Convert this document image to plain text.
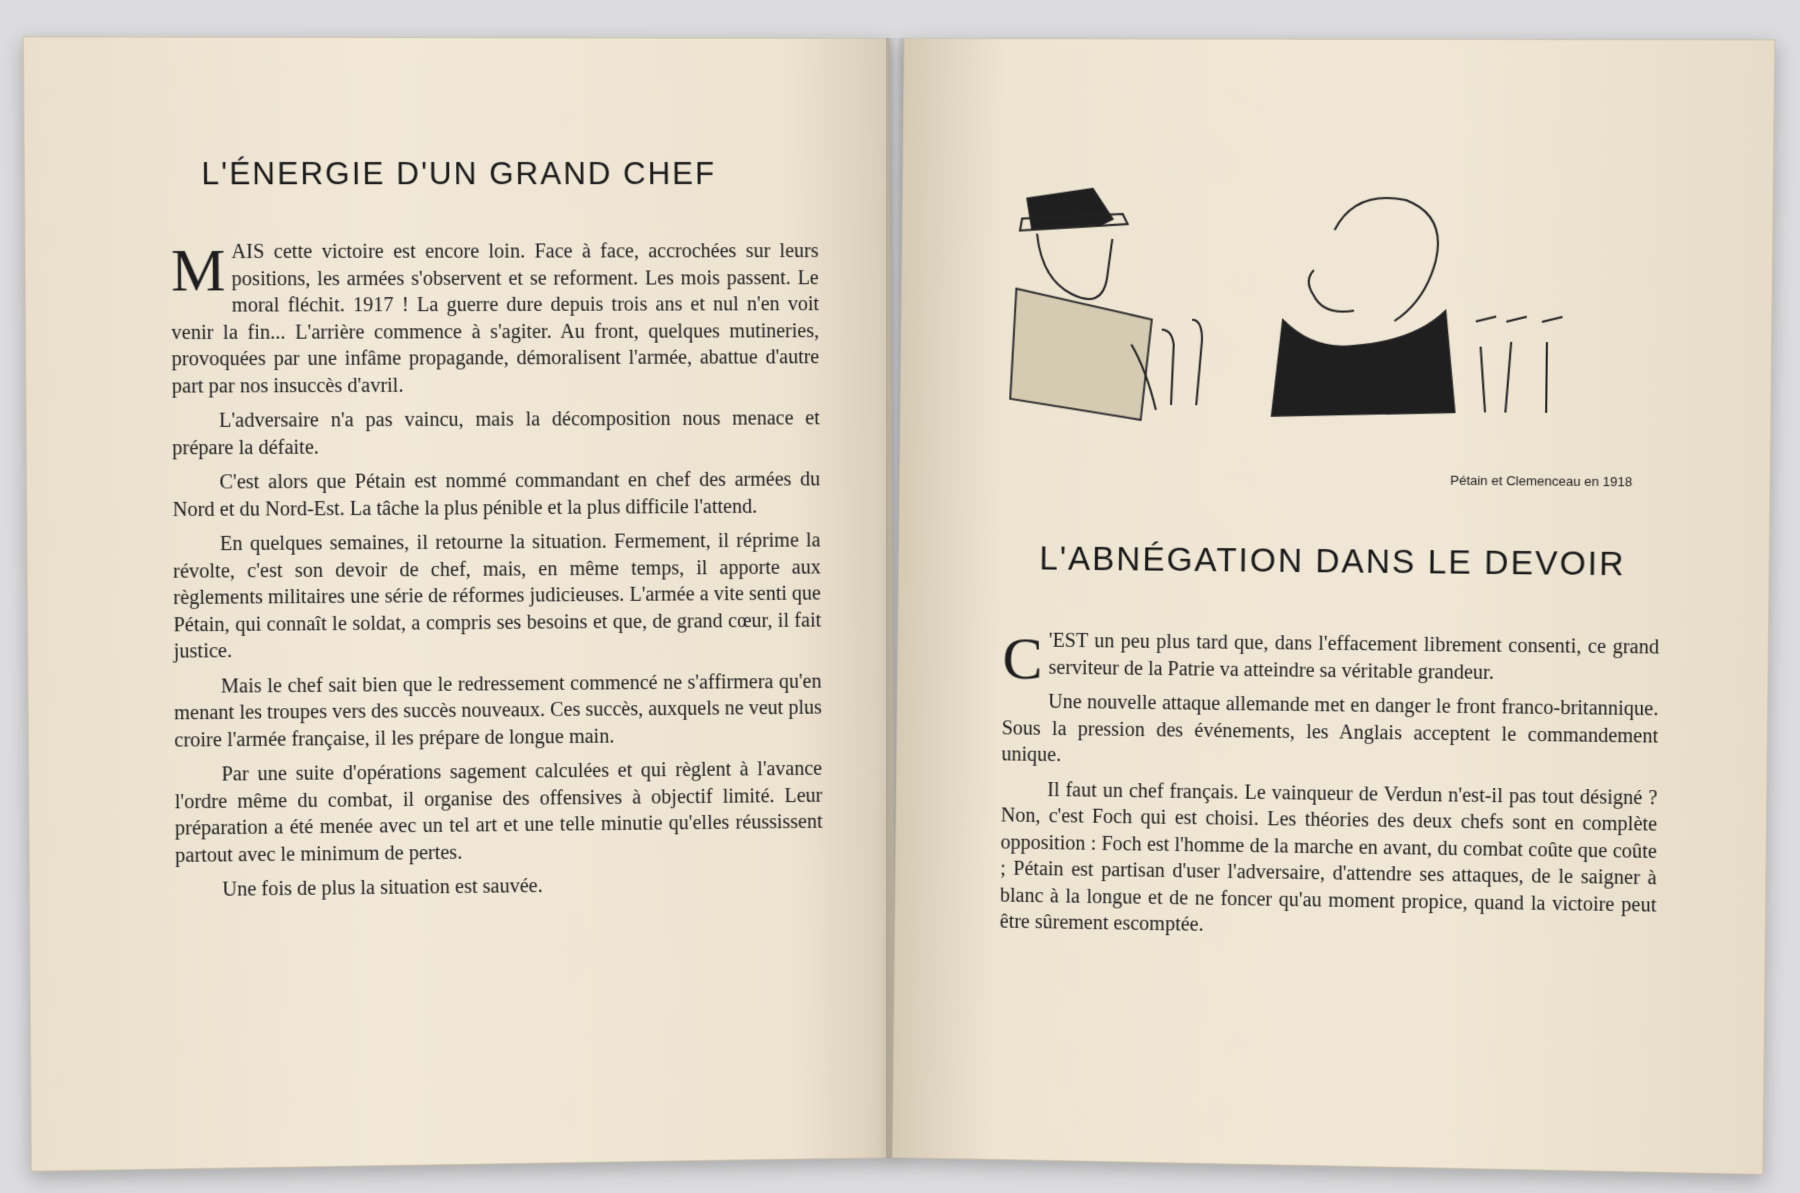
L'ÉNERGIE D'UN GRAND CHEF

MAIS cette victoire est encore loin. Face à face, accrochées sur leurs positions, les armées s'observent et se reforment. Les mois passent. Le moral fléchit. 1917 ! La guerre dure depuis trois ans et nul n'en voit venir la fin... L'arrière commence à s'agiter. Au front, quelques mutineries, provoquées par une infâme propagande, démoralisent l'armée, abattue d'autre part par nos insuccès d'avril.

L'adversaire n'a pas vaincu, mais la décomposition nous menace et prépare la défaite.

C'est alors que Pétain est nommé commandant en chef des armées du Nord et du Nord-Est. La tâche la plus pénible et la plus difficile l'attend.

En quelques semaines, il retourne la situation. Fermement, il réprime la révolte, c'est son devoir de chef, mais, en même temps, il apporte aux règlements militaires une série de réformes judicieuses. L'armée a vite senti que Pétain, qui connaît le soldat, a compris ses besoins et que, de grand cœur, il fait justice.

Mais le chef sait bien que le redressement commencé ne s'affirmera qu'en menant les troupes vers des succès nouveaux. Ces succès, auxquels ne veut plus croire l'armée française, il les prépare de longue main.

Par une suite d'opérations sagement calculées et qui règlent à l'avance l'ordre même du combat, il organise des offensives à objectif limité. Leur préparation a été menée avec un tel art et une telle minutie qu'elles réussissent partout avec le minimum de pertes.

Une fois de plus la situation est sauvée.

Pétain et Clemenceau en 1918
L'ABNÉGATION DANS LE DEVOIR

C 'EST un peu plus tard que, dans l'effacement librement consenti, ce grand serviteur de la Patrie va atteindre sa véritable grandeur.

Une nouvelle attaque allemande met en danger le front franco-britannique. Sous la pression des événements, les Anglais acceptent le commandement unique.

Il faut un chef français. Le vainqueur de Verdun n'est-il pas tout désigné ? Non, c'est Foch qui est choisi. Les théories des deux chefs sont en complète opposition : Foch est l'homme de la marche en avant, du combat coûte que coûte ; Pétain est partisan d'user l'adversaire, d'attendre ses attaques, de le saigner à blanc à la longue et de ne foncer qu'au moment propice, quand la victoire peut être sûrement escomptée.
